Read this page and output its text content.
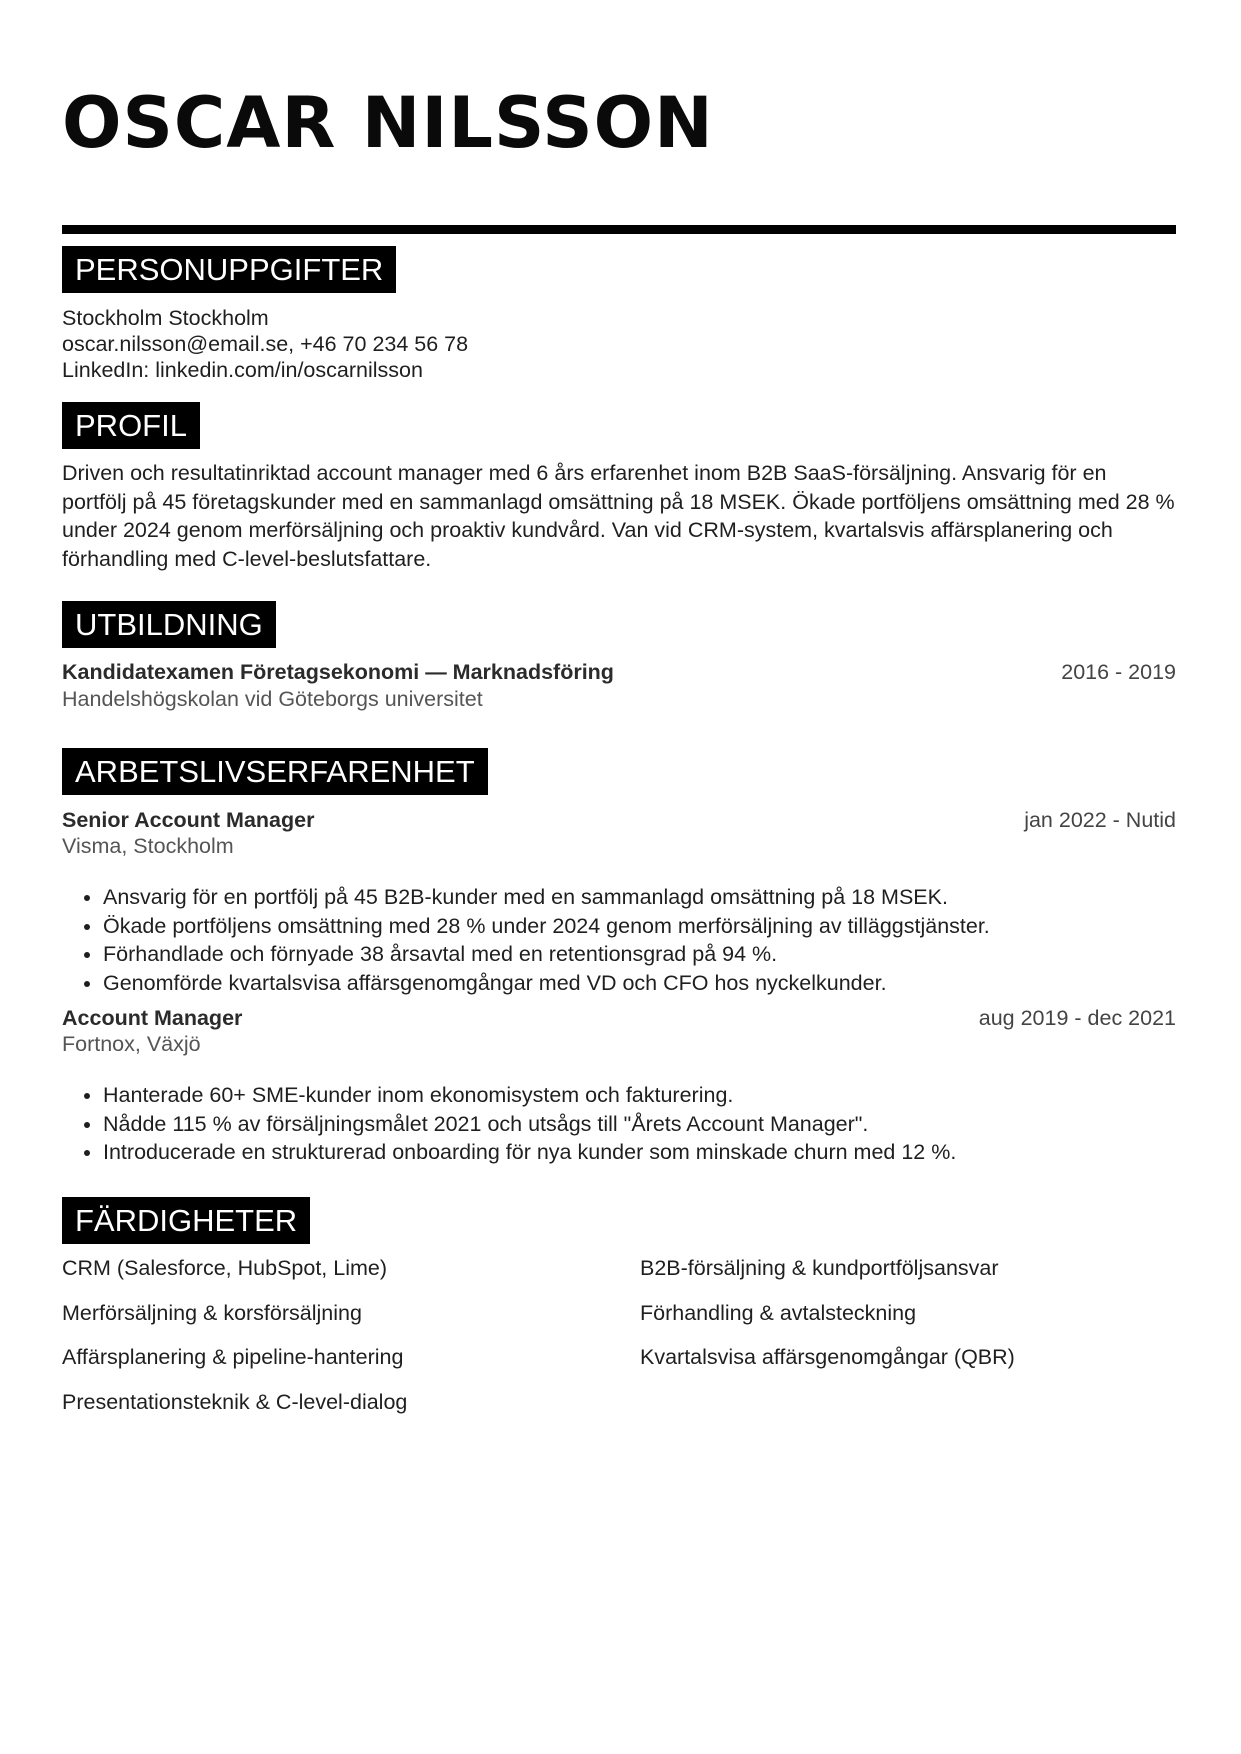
OSCAR NILSSON
PERSONUPPGIFTER
Stockholm Stockholm
oscar.nilsson@email.se, +46 70 234 56 78
LinkedIn: linkedin.com/in/oscarnilsson
PROFIL
Driven och resultatinriktad account manager med 6 års erfarenhet inom B2B SaaS-försäljning. Ansvarig för en portfölj på 45 företagskunder med en sammanlagd omsättning på 18 MSEK. Ökade portföljens omsättning med 28 % under 2024 genom merförsäljning och proaktiv kundvård. Van vid CRM-system, kvartalsvis affärsplanering och förhandling med C-level-beslutsfattare.
UTBILDNING
Kandidatexamen Företagsekonomi — Marknadsföring	2016 - 2019
Handelshögskolan vid Göteborgs universitet
ARBETSLIVSERFARENHET
Senior Account Manager	jan 2022 - Nutid
Visma, Stockholm
• Ansvarig för en portfölj på 45 B2B-kunder med en sammanlagd omsättning på 18 MSEK.
• Ökade portföljens omsättning med 28 % under 2024 genom merförsäljning av tilläggstjänster.
• Förhandlade och förnyade 38 årsavtal med en retentionsgrad på 94 %.
• Genomförde kvartalsvisa affärsgenomgångar med VD och CFO hos nyckelkunder.
Account Manager	aug 2019 - dec 2021
Fortnox, Växjö
• Hanterade 60+ SME-kunder inom ekonomisystem och fakturering.
• Nådde 115 % av försäljningsmålet 2021 och utsågs till "Årets Account Manager".
• Introducerade en strukturerad onboarding för nya kunder som minskade churn med 12 %.
FÄRDIGHETER
CRM (Salesforce, HubSpot, Lime)	B2B-försäljning & kundportföljsansvar
Merförsäljning & korsförsäljning	Förhandling & avtalsteckning
Affärsplanering & pipeline-hantering	Kvartalsvisa affärsgenomgångar (QBR)
Presentationsteknik & C-level-dialog
